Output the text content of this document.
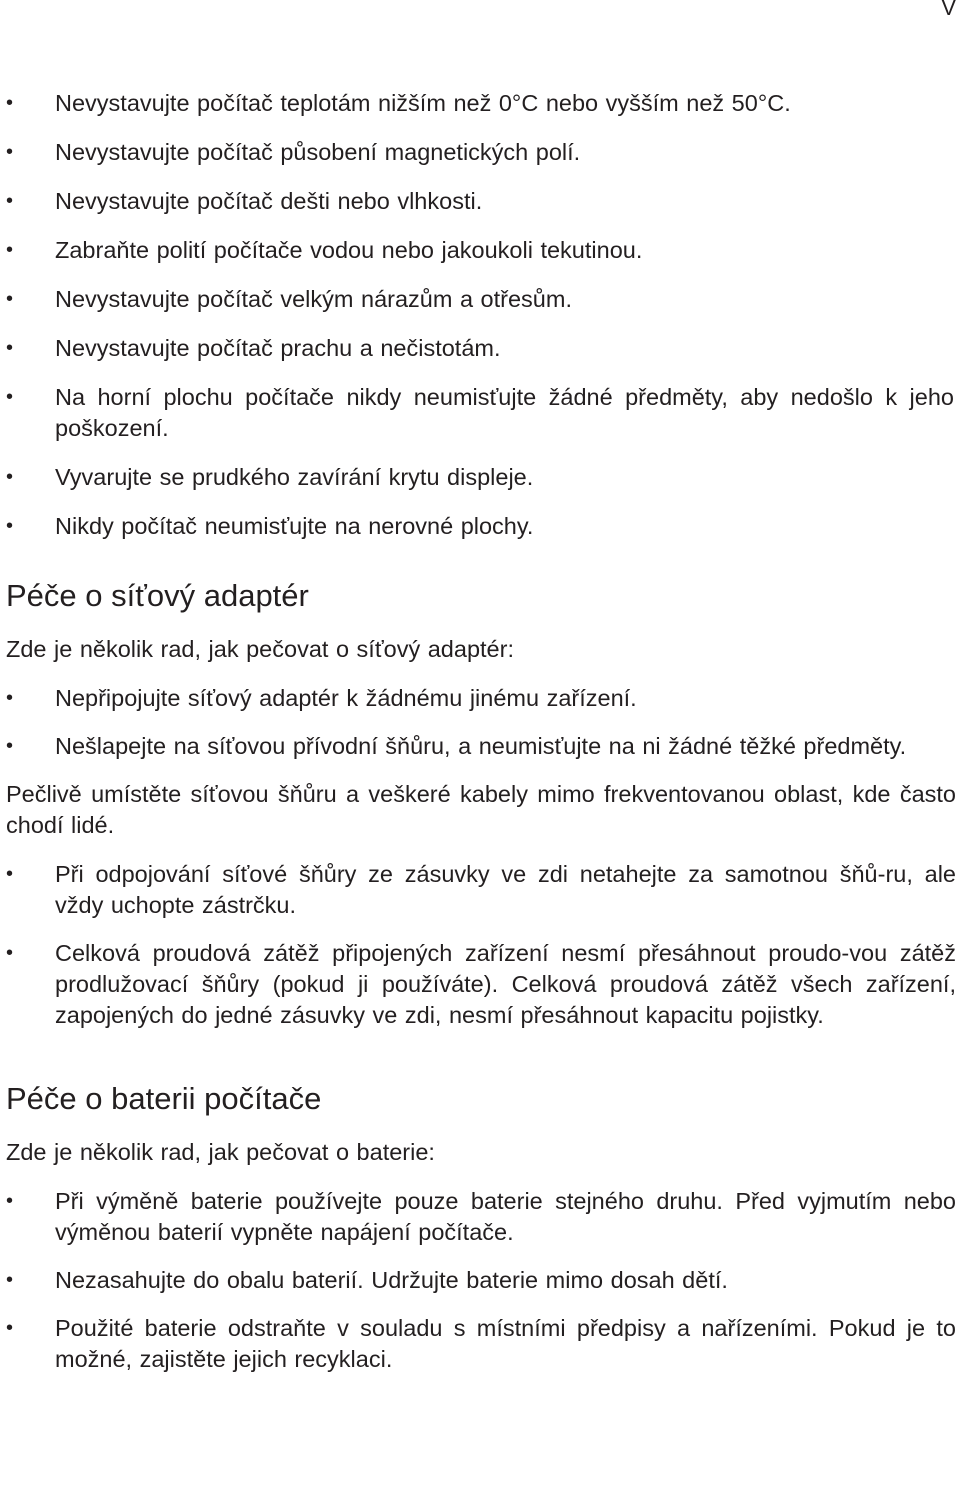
V
• Nevystavujte počítač teplotám nižším než 0°C nebo vyšším než 50°C.
• Nevystavujte počítač působení magnetických polí.
• Nevystavujte počítač dešti nebo vlhkosti.
• Zabraňte polití počítače vodou nebo jakoukoli tekutinou.
• Nevystavujte počítač velkým nárazům a otřesům.
• Nevystavujte počítač prachu a nečistotám.
• Na horní plochu počítače nikdy neumisťujte žádné předměty, aby nedošlo k jeho poškození.
• Vyvarujte se prudkého zavírání krytu displeje.
• Nikdy počítač neumisťujte na nerovné plochy.
Péče o síťový adaptér

Zde je několik rad, jak pečovat o síťový adaptér:

• Nepřipojujte síťový adaptér k žádnému jinému zařízení.
• Nešlapejte na síťovou přívodní šňůru, a neumisťujte na ni žádné těžké předměty.

Pečlivě umístěte síťovou šňůru a veškeré kabely mimo frekventovanou oblast, kde často chodí lidé.

• Při odpojování síťové šňůry ze zásuvky ve zdi netahejte za samotnou šňů-ru, ale vždy uchopte zástrčku.
• Celková proudová zátěž připojených zařízení nesmí přesáhnout proudo-vou zátěž prodlužovací šňůry (pokud ji používáte). Celková proudová zátěž všech zařízení, zapojených do jedné zásuvky ve zdi, nesmí přesáhnout kapacitu pojistky.
Péče o baterii počítače

Zde je několik rad, jak pečovat o baterie:

• Při výměně baterie používejte pouze baterie stejného druhu. Před vyjmutím nebo výměnou baterií vypněte napájení počítače.
• Nezasahujte do obalu baterií. Udržujte baterie mimo dosah dětí.
• Použité baterie odstraňte v souladu s místními předpisy a nařízeními. Pokud je to možné, zajistěte jejich recyklaci.
